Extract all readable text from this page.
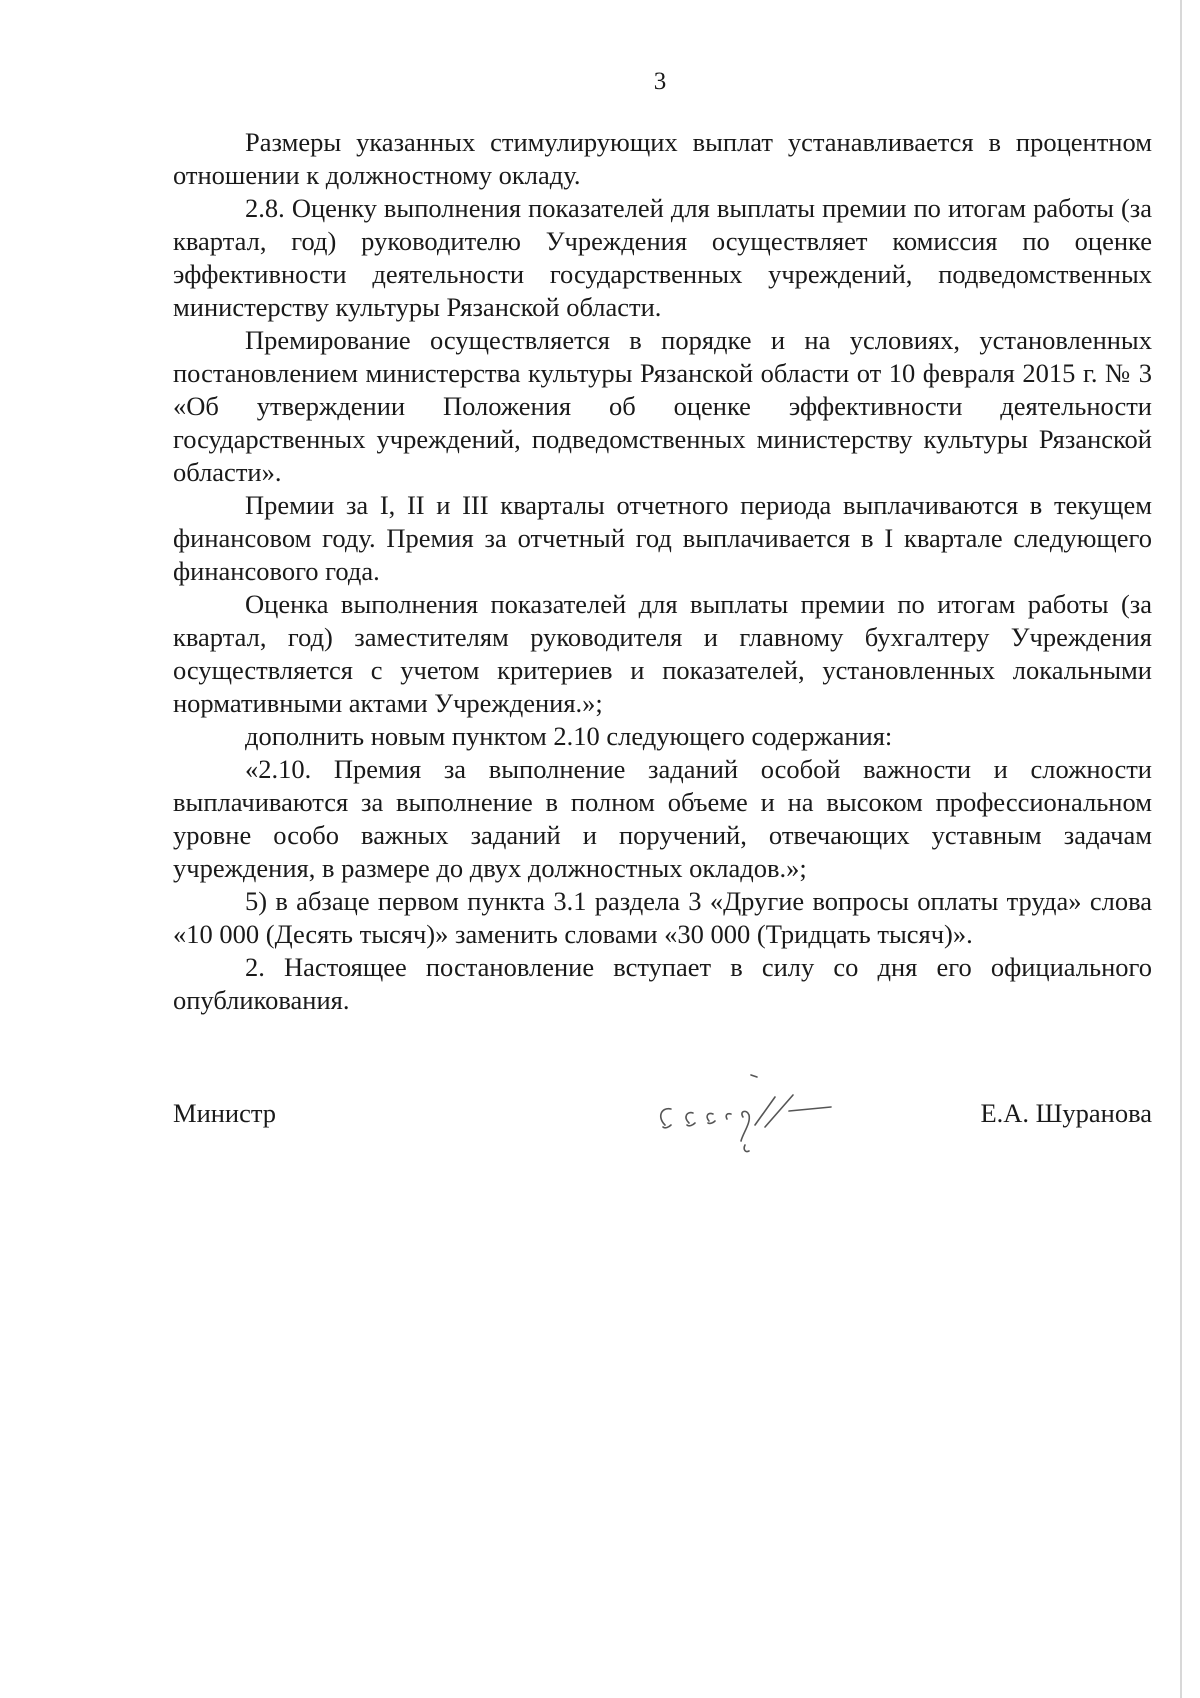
3

Размеры указанных стимулирующих выплат устанавливается в процентном отношении к должностному окладу.

2.8. Оценку выполнения показателей для выплаты премии по итогам работы (за квартал, год) руководителю Учреждения осуществляет комиссия по оценке эффективности деятельности государственных учреждений, подведомственных министерству культуры Рязанской области.

Премирование осуществляется в порядке и на условиях, установленных постановлением министерства культуры Рязанской области от 10 февраля 2015 г. № 3 «Об утверждении Положения об оценке эффективности деятельности государственных учреждений, подведомственных министерству культуры Рязанской области».

Премии за I, II и III кварталы отчетного периода выплачиваются в текущем финансовом году. Премия за отчетный год выплачивается в I квартале следующего финансового года.

Оценка выполнения показателей для выплаты премии по итогам работы (за квартал, год) заместителям руководителя и главному бухгалтеру Учреждения осуществляется с учетом критериев и показателей, установленных локальными нормативными актами Учреждения.»;

дополнить новым пунктом 2.10 следующего содержания:

«2.10. Премия за выполнение заданий особой важности и сложности выплачиваются за выполнение в полном объеме и на высоком профессиональном уровне особо важных заданий и поручений, отвечающих уставным задачам учреждения, в размере до двух должностных окладов.»;

5) в абзаце первом пункта 3.1 раздела 3 «Другие вопросы оплаты труда» слова «10 000 (Десять тысяч)» заменить словами «30 000 (Тридцать тысяч)».

2. Настоящее постановление вступает в силу со дня его официального опубликования.

Министр	Е.А. Шуранова
